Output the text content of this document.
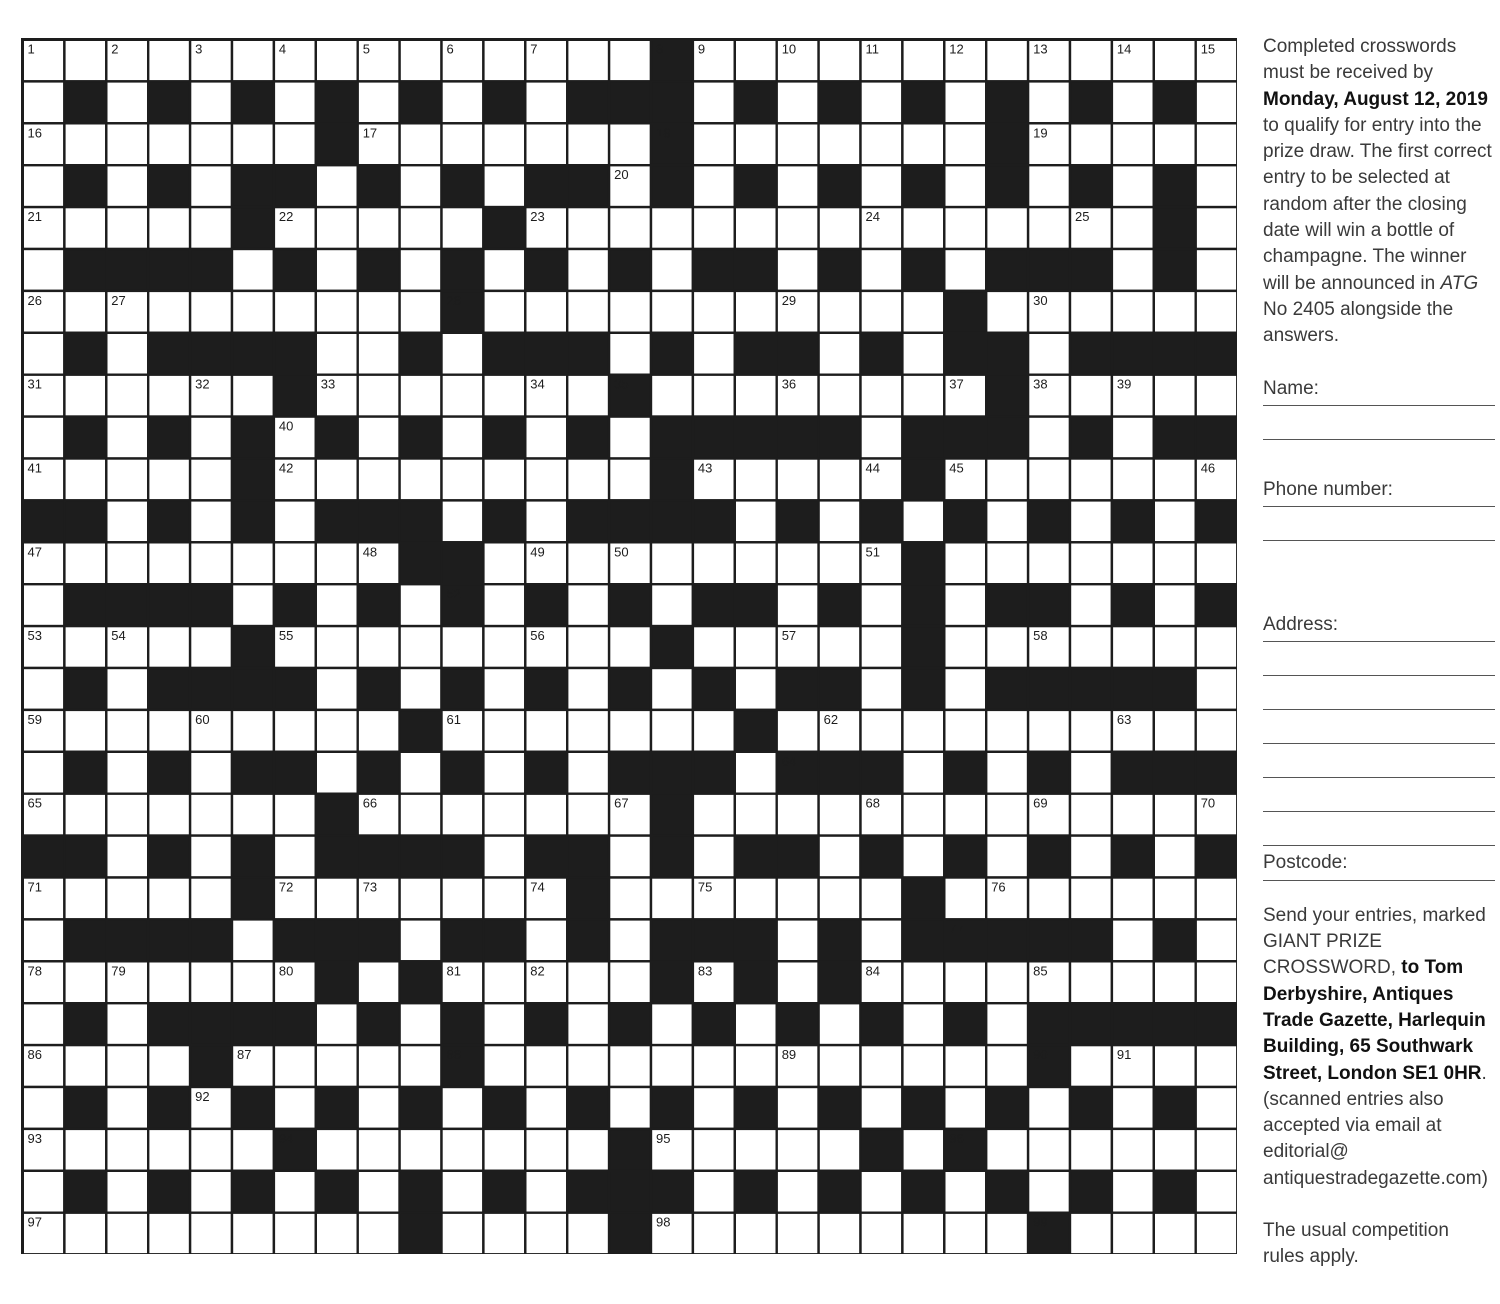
1	2	3	4	5	6	7	8	9	10	11	12	13	14	15
16	17	18	19
20
21	22	23	24	25
26	27	28	29	30
31	32	33	34	35	36	37	38	39
40
41	42	43	44	45	46
47	48	49	50	51
52
53	54	55	56	57	58
59	60	61	62	63
64
65	66	67	68	69	70
71	72	73	74	75	76
77
78	79	80	81	82	83	84	85
86	87	88	89	90	91
92
93	94	95	96
97	98	99

Completed crosswords must be received by Monday, August 12, 2019 to qualify for entry into the prize draw. The first correct entry to be selected at random after the closing date will win a bottle of champagne. The winner will be announced in ATG No 2405 alongside the answers.

Name:

Phone number:

Address:

Postcode:

Send your entries, marked GIANT PRIZE CROSSWORD, to Tom Derbyshire, Antiques Trade Gazette, Harlequin Building, 65 Southwark Street, London SE1 0HR.
(scanned entries also accepted via email at editorial@ antiquestradegazette.com)

The usual competition rules apply.
